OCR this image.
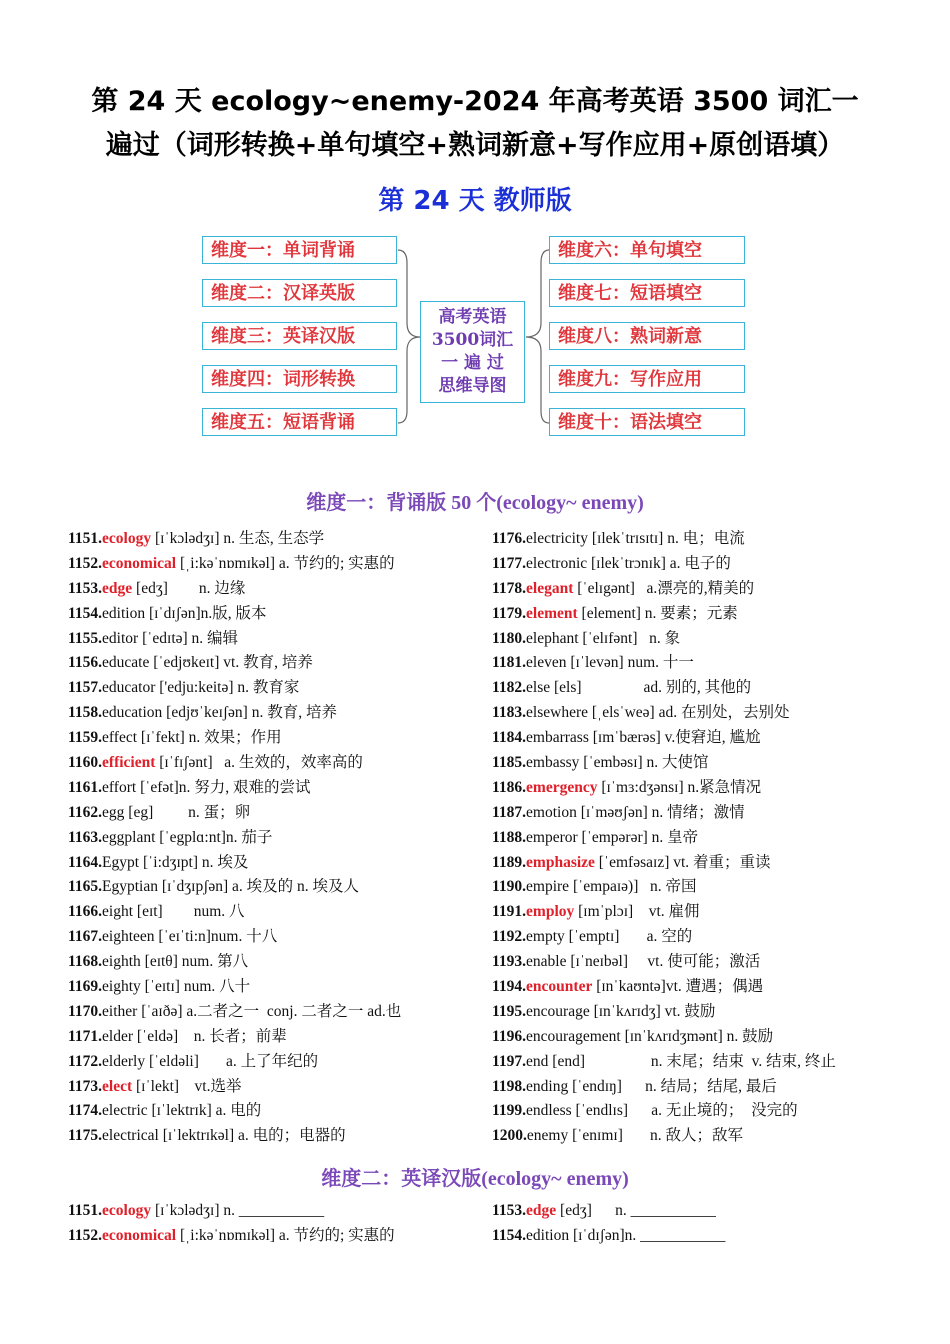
第 24 天 ecology~enemy-2024 年高考英语 3500 词汇一
遍过（词形转换+单句填空+熟词新意+写作应用+原创语填）
第 24 天 教师版
维度一：单词背诵
维度二：汉译英版
维度三：英译汉版
维度四：词形转换
维度五：短语背诵
维度六：单句填空
维度七：短语填空
维度八：熟词新意
维度九：写作应用
维度十：语法填空
高考英语
3500词汇
一 遍 过
思维导图
维度一：背诵版 50 个(ecology~ enemy)
1151.ecology [ɪˈkɔlədʒɪ] n. 生态, 生态学
1152.economical [ˌi:kəˈnɒmɪkəl] a. 节约的; 实惠的
1153.edge [edʒ]        n. 边缘
1154.edition [ɪˈdɪʃən]n.版, 版本
1155.editor [ˈedɪtə] n. 编辑
1156.educate [ˈedjʊkeɪt] vt. 教育, 培养
1157.educator ['edju:keitə] n. 教育家
1158.education [edjʊˈkeɪʃən] n. 教育, 培养
1159.effect [ɪˈfekt] n. 效果；作用
1160.efficient [ɪˈfɪʃənt]   a. 生效的，效率高的
1161.effort [ˈefət]n. 努力, 艰难的尝试
1162.egg [eg]         n. 蛋；卵
1163.eggplant [ˈegplɑ:nt]n. 茄子
1164.Egypt [ˈi:dʒɪpt] n. 埃及
1165.Egyptian [ɪˈdʒɪpʃən] a. 埃及的 n. 埃及人
1166.eight [eɪt]        num. 八
1167.eighteen [ˈeɪˈti:n]num. 十八
1168.eighth [eɪtθ] num. 第八
1169.eighty [ˈeɪtɪ] num. 八十
1170.either [ˈaɪðə] a.二者之一  conj. 二者之一 ad.也
1171.elder [ˈeldə]    n. 长者；前辈
1172.elderly [ˈeldəli]       a. 上了年纪的
1173.elect [ɪˈlekt]    vt.选举
1174.electric [ɪˈlektrɪk] a. 电的
1175.electrical [ɪˈlektrɪkəl] a. 电的；电器的
1176.electricity [ɪlekˈtrɪsɪtɪ] n. 电；电流
1177.electronic [ɪlekˈtrɔnɪk] a. 电子的
1178.elegant [ˈelɪgənt]   a.漂亮的,精美的
1179.element [element] n. 要素；元素
1180.elephant [ˈelɪfənt]   n. 象
1181.eleven [ɪˈlevən] num. 十一
1182.else [els]                ad. 别的, 其他的
1183.elsewhere [ˌelsˈweə] ad. 在别处，去别处
1184.embarrass [ɪmˈbærəs] v.使窘迫, 尴尬
1185.embassy [ˈembəsɪ] n. 大使馆
1186.emergency [ɪˈmɜ:dʒənsɪ] n.紧急情况
1187.emotion [ɪˈməʊʃən] n. 情绪；激情
1188.emperor [ˈempərər] n. 皇帝
1189.emphasize [ˈemfəsaɪz] vt. 着重；重读
1190.empire [ˈempaɪə)]   n. 帝国
1191.employ [ɪmˈplɔɪ]    vt. 雇佣
1192.empty [ˈemptɪ]       a. 空的
1193.enable [ɪˈneɪbəl]     vt. 使可能；激活
1194.encounter [ɪnˈkaʊntə]vt. 遭遇；偶遇
1195.encourage [ɪnˈkʌrɪdʒ] vt. 鼓励
1196.encouragement [ɪnˈkʌrɪdʒmənt] n. 鼓励
1197.end [end]                 n. 末尾；结束  v. 结束, 终止
1198.ending [ˈendɪŋ]      n. 结局；结尾, 最后
1199.endless [ˈendlɪs]      a. 无止境的；  没完的
1200.enemy [ˈenɪmɪ]       n. 敌人；敌军
维度二：英译汉版(ecology~ enemy)
1151.ecology [ɪˈkɔlədʒɪ] n. ___________
1152.economical [ˌi:kəˈnɒmɪkəl] a. 节约的; 实惠的
1153.edge [edʒ]      n. ___________
1154.edition [ɪˈdɪʃən]n. ___________
